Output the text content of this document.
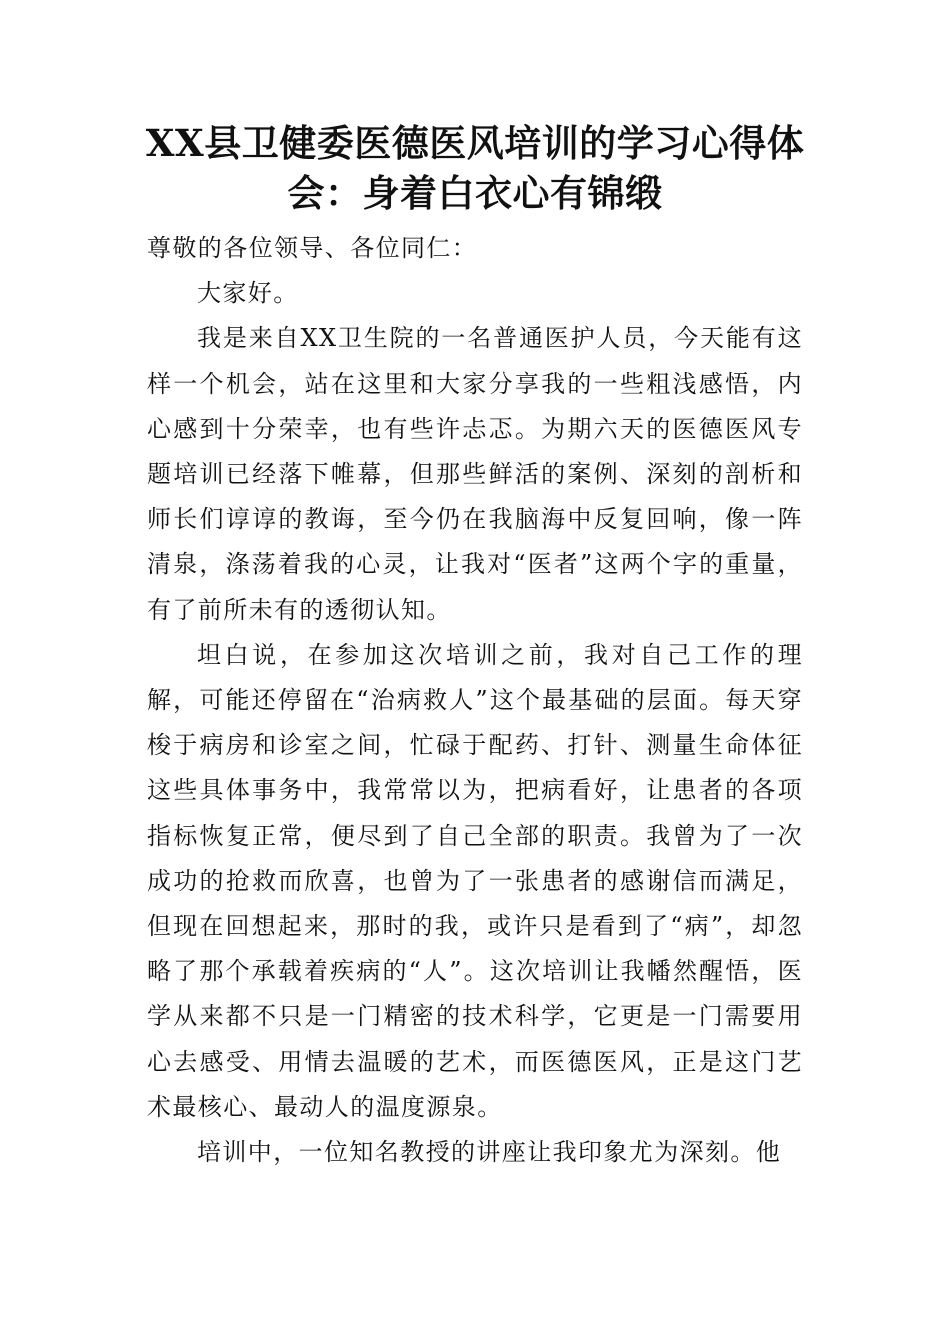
XX县卫健委医德医风培训的学习心得体会：身着白衣心有锦缎

尊敬的各位领导、各位同仁：

大家好。

我是来自XX卫生院的一名普通医护人员，今天能有这样一个机会，站在这里和大家分享我的一些粗浅感悟，内心感到十分荣幸，也有些许忐忑。为期六天的医德医风专题培训已经落下帷幕，但那些鲜活的案例、深刻的剖析和师长们谆谆的教诲，至今仍在我脑海中反复回响，像一阵清泉，涤荡着我的心灵，让我对“医者”这两个字的重量，有了前所未有的透彻认知。

坦白说，在参加这次培训之前，我对自己工作的理解，可能还停留在“治病救人”这个最基础的层面。每天穿梭于病房和诊室之间，忙碌于配药、打针、测量生命体征这些具体事务中，我常常以为，把病看好，让患者的各项指标恢复正常，便尽到了自己全部的职责。我曾为了一次成功的抢救而欣喜，也曾为了一张患者的感谢信而满足，但现在回想起来，那时的我，或许只是看到了“病”，却忽略了那个承载着疾病的“人”。这次培训让我幡然醒悟，医学从来都不只是一门精密的技术科学，它更是一门需要用心去感受、用情去温暖的艺术，而医德医风，正是这门艺术最核心、最动人的温度源泉。

培训中，一位知名教授的讲座让我印象尤为深刻。他
